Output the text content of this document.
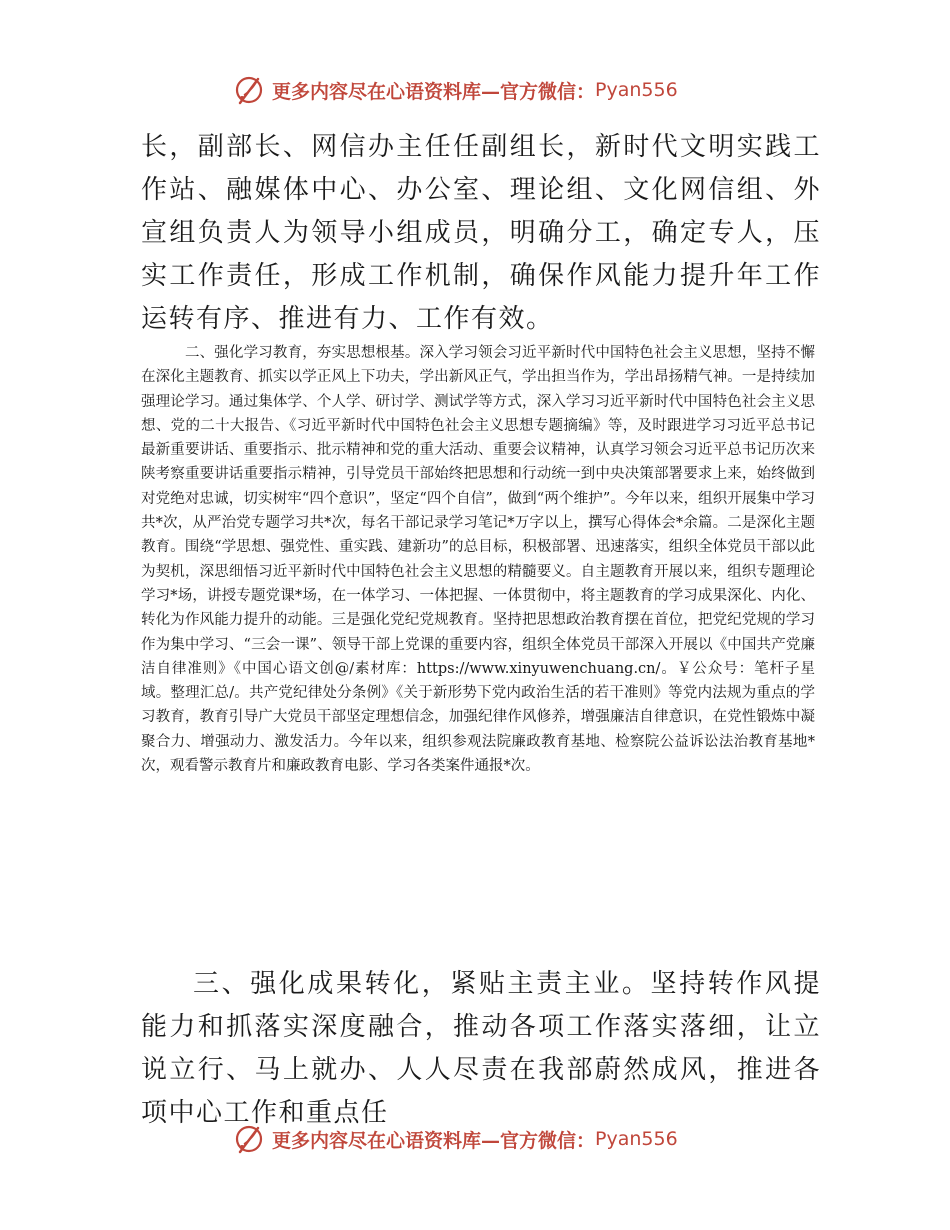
更多内容尽在心语资料库—官方微信： Pyan556
长，副部长、网信办主任任副组长，新时代文明实践工作站、融媒体中心、办公室、理论组、文化网信组、外宣组负责人为领导小组成员，明确分工，确定专人，压实工作责任，形成工作机制，确保作风能力提升年工作运转有序、推进有力、工作有效。
二、强化学习教育，夯实思想根基。深入学习领会习近平新时代中国特色社会主义思想，坚持不懈在深化主题教育、抓实以学正风上下功夫，学出新风正气，学出担当作为，学出昂扬精气神。一是持续加强理论学习。通过集体学、个人学、研讨学、测试学等方式，深入学习习近平新时代中国特色社会主义思想、党的二十大报告、《习近平新时代中国特色社会主义思想专题摘编》等，及时跟进学习习近平总书记最新重要讲话、重要指示、批示精神和党的重大活动、重要会议精神，认真学习领会习近平总书记历次来陕考察重要讲话重要指示精神，引导党员干部始终把思想和行动统一到中央决策部署要求上来，始终做到对党绝对忠诚，切实树牢“四个意识”，坚定“四个自信”，做到“两个维护”。今年以来，组织开展集中学习共*次，从严治党专题学习共*次，每名干部记录学习笔记*万字以上，撰写心得体会*余篇。二是深化主题教育。围绕“学思想、强党性、重实践、建新功”的总目标，积极部署、迅速落实，组织全体党员干部以此为契机，深思细悟习近平新时代中国特色社会主义思想的精髓要义。自主题教育开展以来，组织专题理论学习*场，讲授专题党课*场，在一体学习、一体把握、一体贯彻中，将主题教育的学习成果深化、内化、转化为作风能力提升的动能。三是强化党纪党规教育。坚持把思想政治教育摆在首位，把党纪党规的学习作为集中学习、“三会一课”、领导干部上党课的重要内容，组织全体党员干部深入开展以《中国共产党廉洁自律准则》《中国心语文创@/素材库：https://www.xinyuwenchuang.cn/。￥公众号：笔杆子星域。整理汇总/。共产党纪律处分条例》《关于新形势下党内政治生活的若干准则》等党内法规为重点的学习教育，教育引导广大党员干部坚定理想信念，加强纪律作风修养，增强廉洁自律意识，在党性锻炼中凝聚合力、增强动力、激发活力。今年以来，组织参观法院廉政教育基地、检察院公益诉讼法治教育基地*次，观看警示教育片和廉政教育电影、学习各类案件通报*次。
三、强化成果转化，紧贴主责主业。坚持转作风提能力和抓落实深度融合，推动各项工作落实落细，让立说立行、马上就办、人人尽责在我部蔚然成风，推进各项中心工作和重点任
更多内容尽在心语资料库—官方微信： Pyan556
